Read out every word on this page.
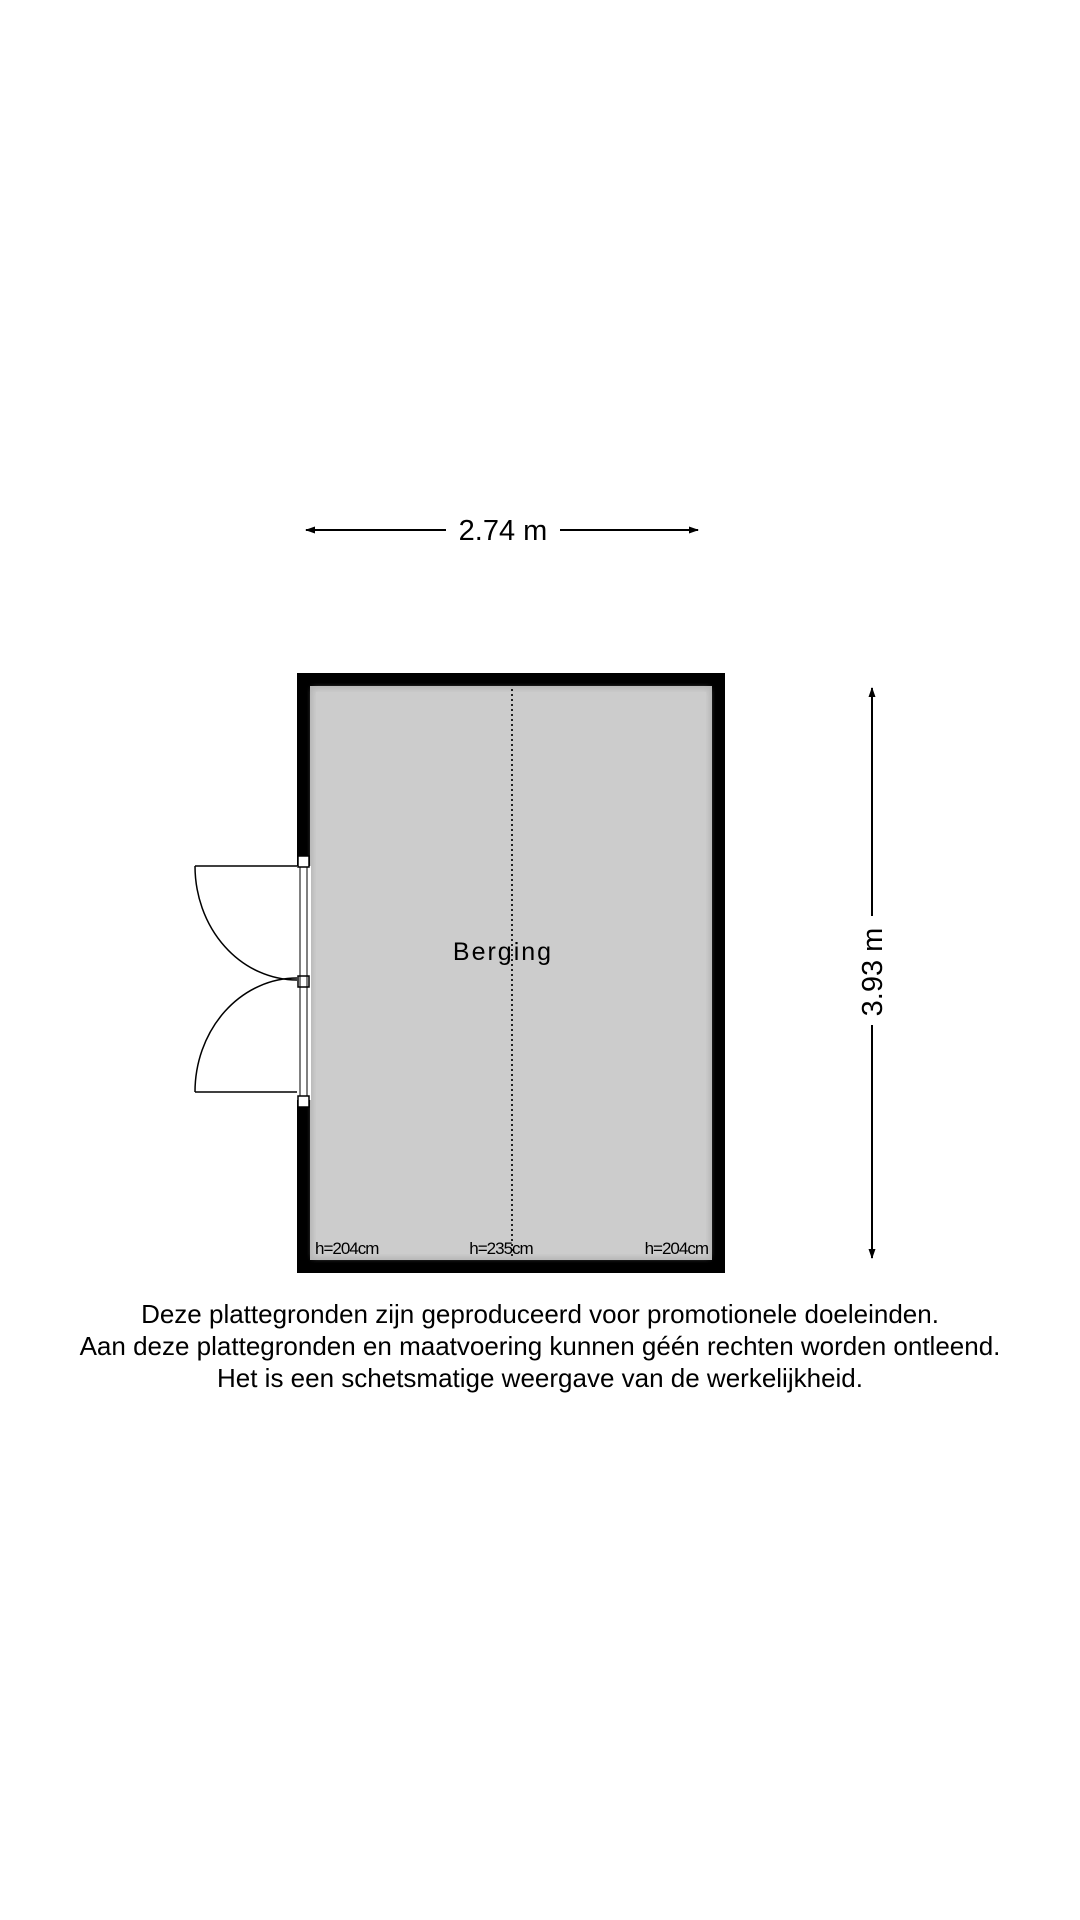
2.74 m
3.93 m
Berging
h=204cm	h=235cm	h=204cm
Deze plattegronden zijn geproduceerd voor promotionele doeleinden.
Aan deze plattegronden en maatvoering kunnen géén rechten worden ontleend.
Het is een schetsmatige weergave van de werkelijkheid.
